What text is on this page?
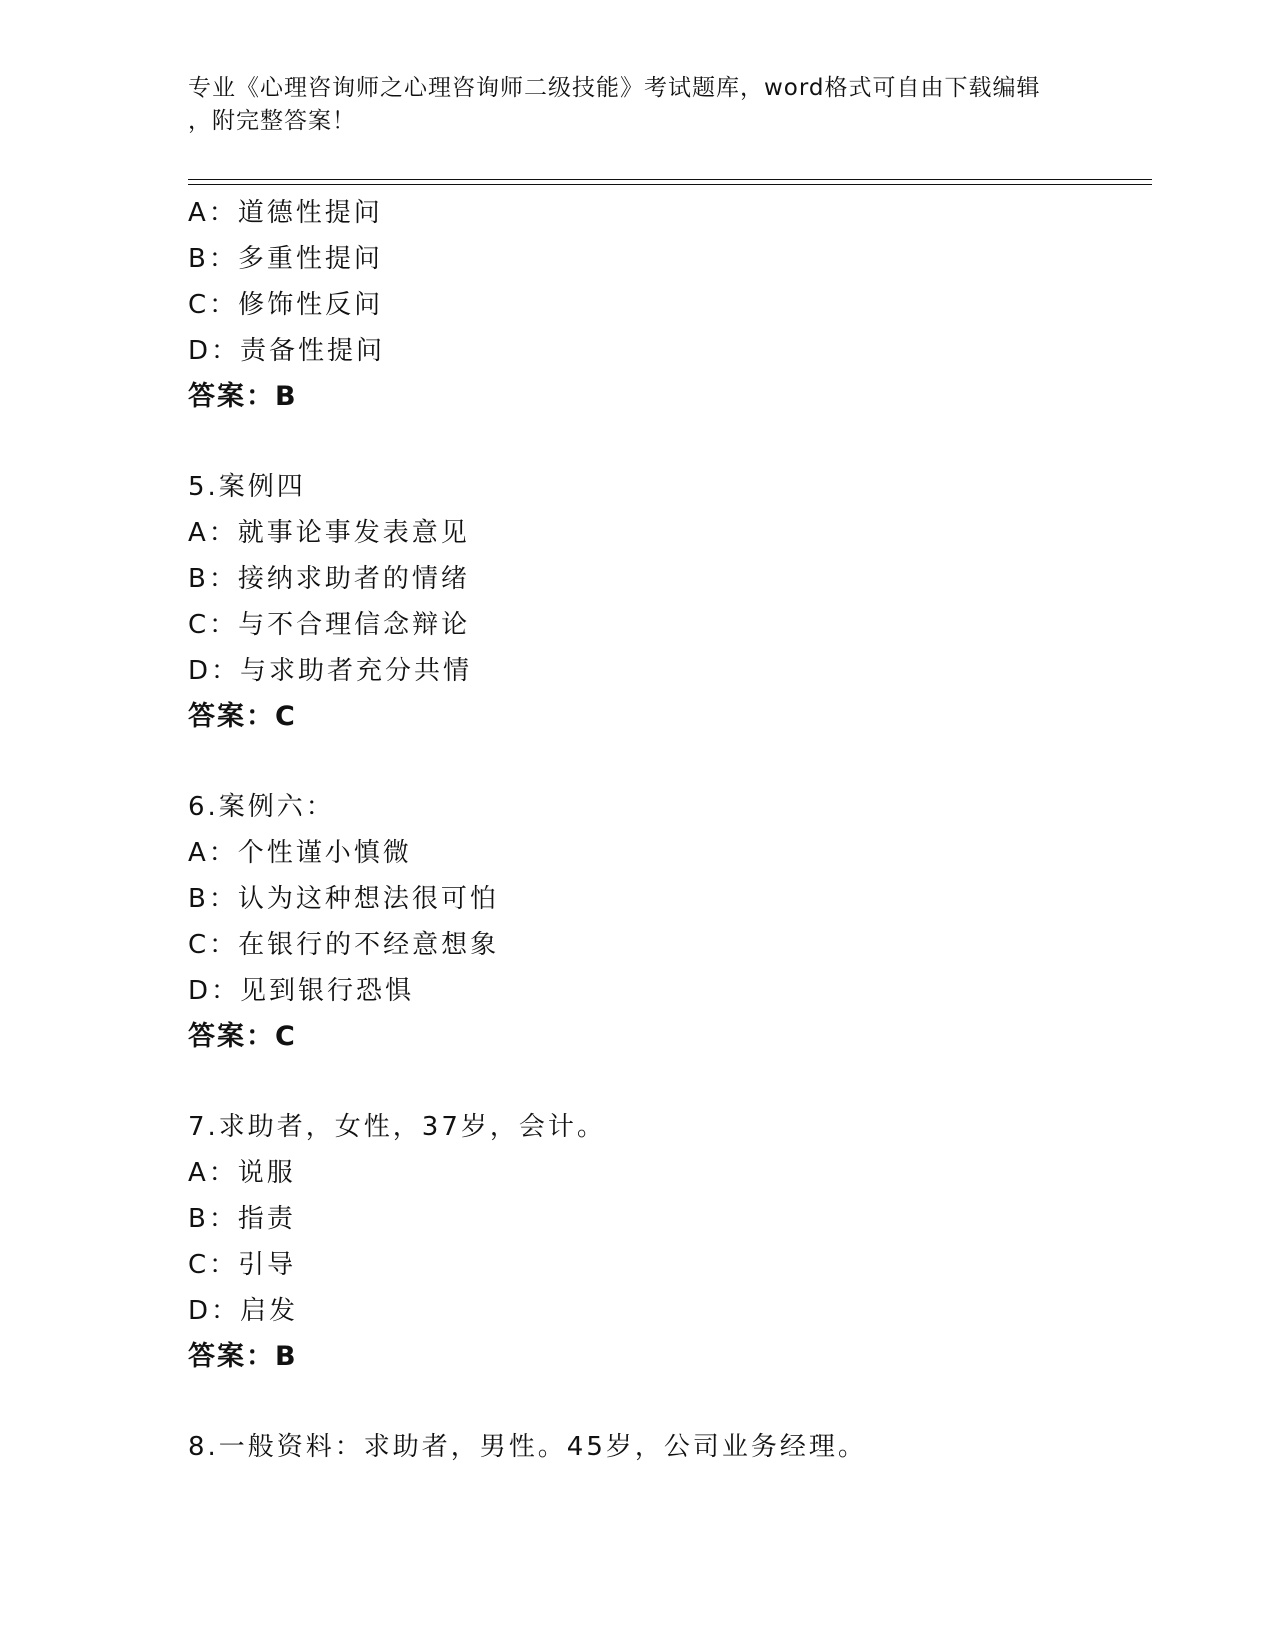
专业《心理咨询师之心理咨询师二级技能》考试题库，word格式可自由下载编辑
，附完整答案！
A：道德性提问
B：多重性提问
C：修饰性反问
D：责备性提问
答案：B
5.案例四
A：就事论事发表意见
B：接纳求助者的情绪
C：与不合理信念辩论
D：与求助者充分共情
答案：C
6.案例六：
A：个性谨小慎微
B：认为这种想法很可怕
C：在银行的不经意想象
D：见到银行恐惧
答案：C
7.求助者，女性，37岁，会计。
A：说服
B：指责
C：引导
D：启发
答案：B
8.一般资料：求助者，男性。45岁，公司业务经理。
